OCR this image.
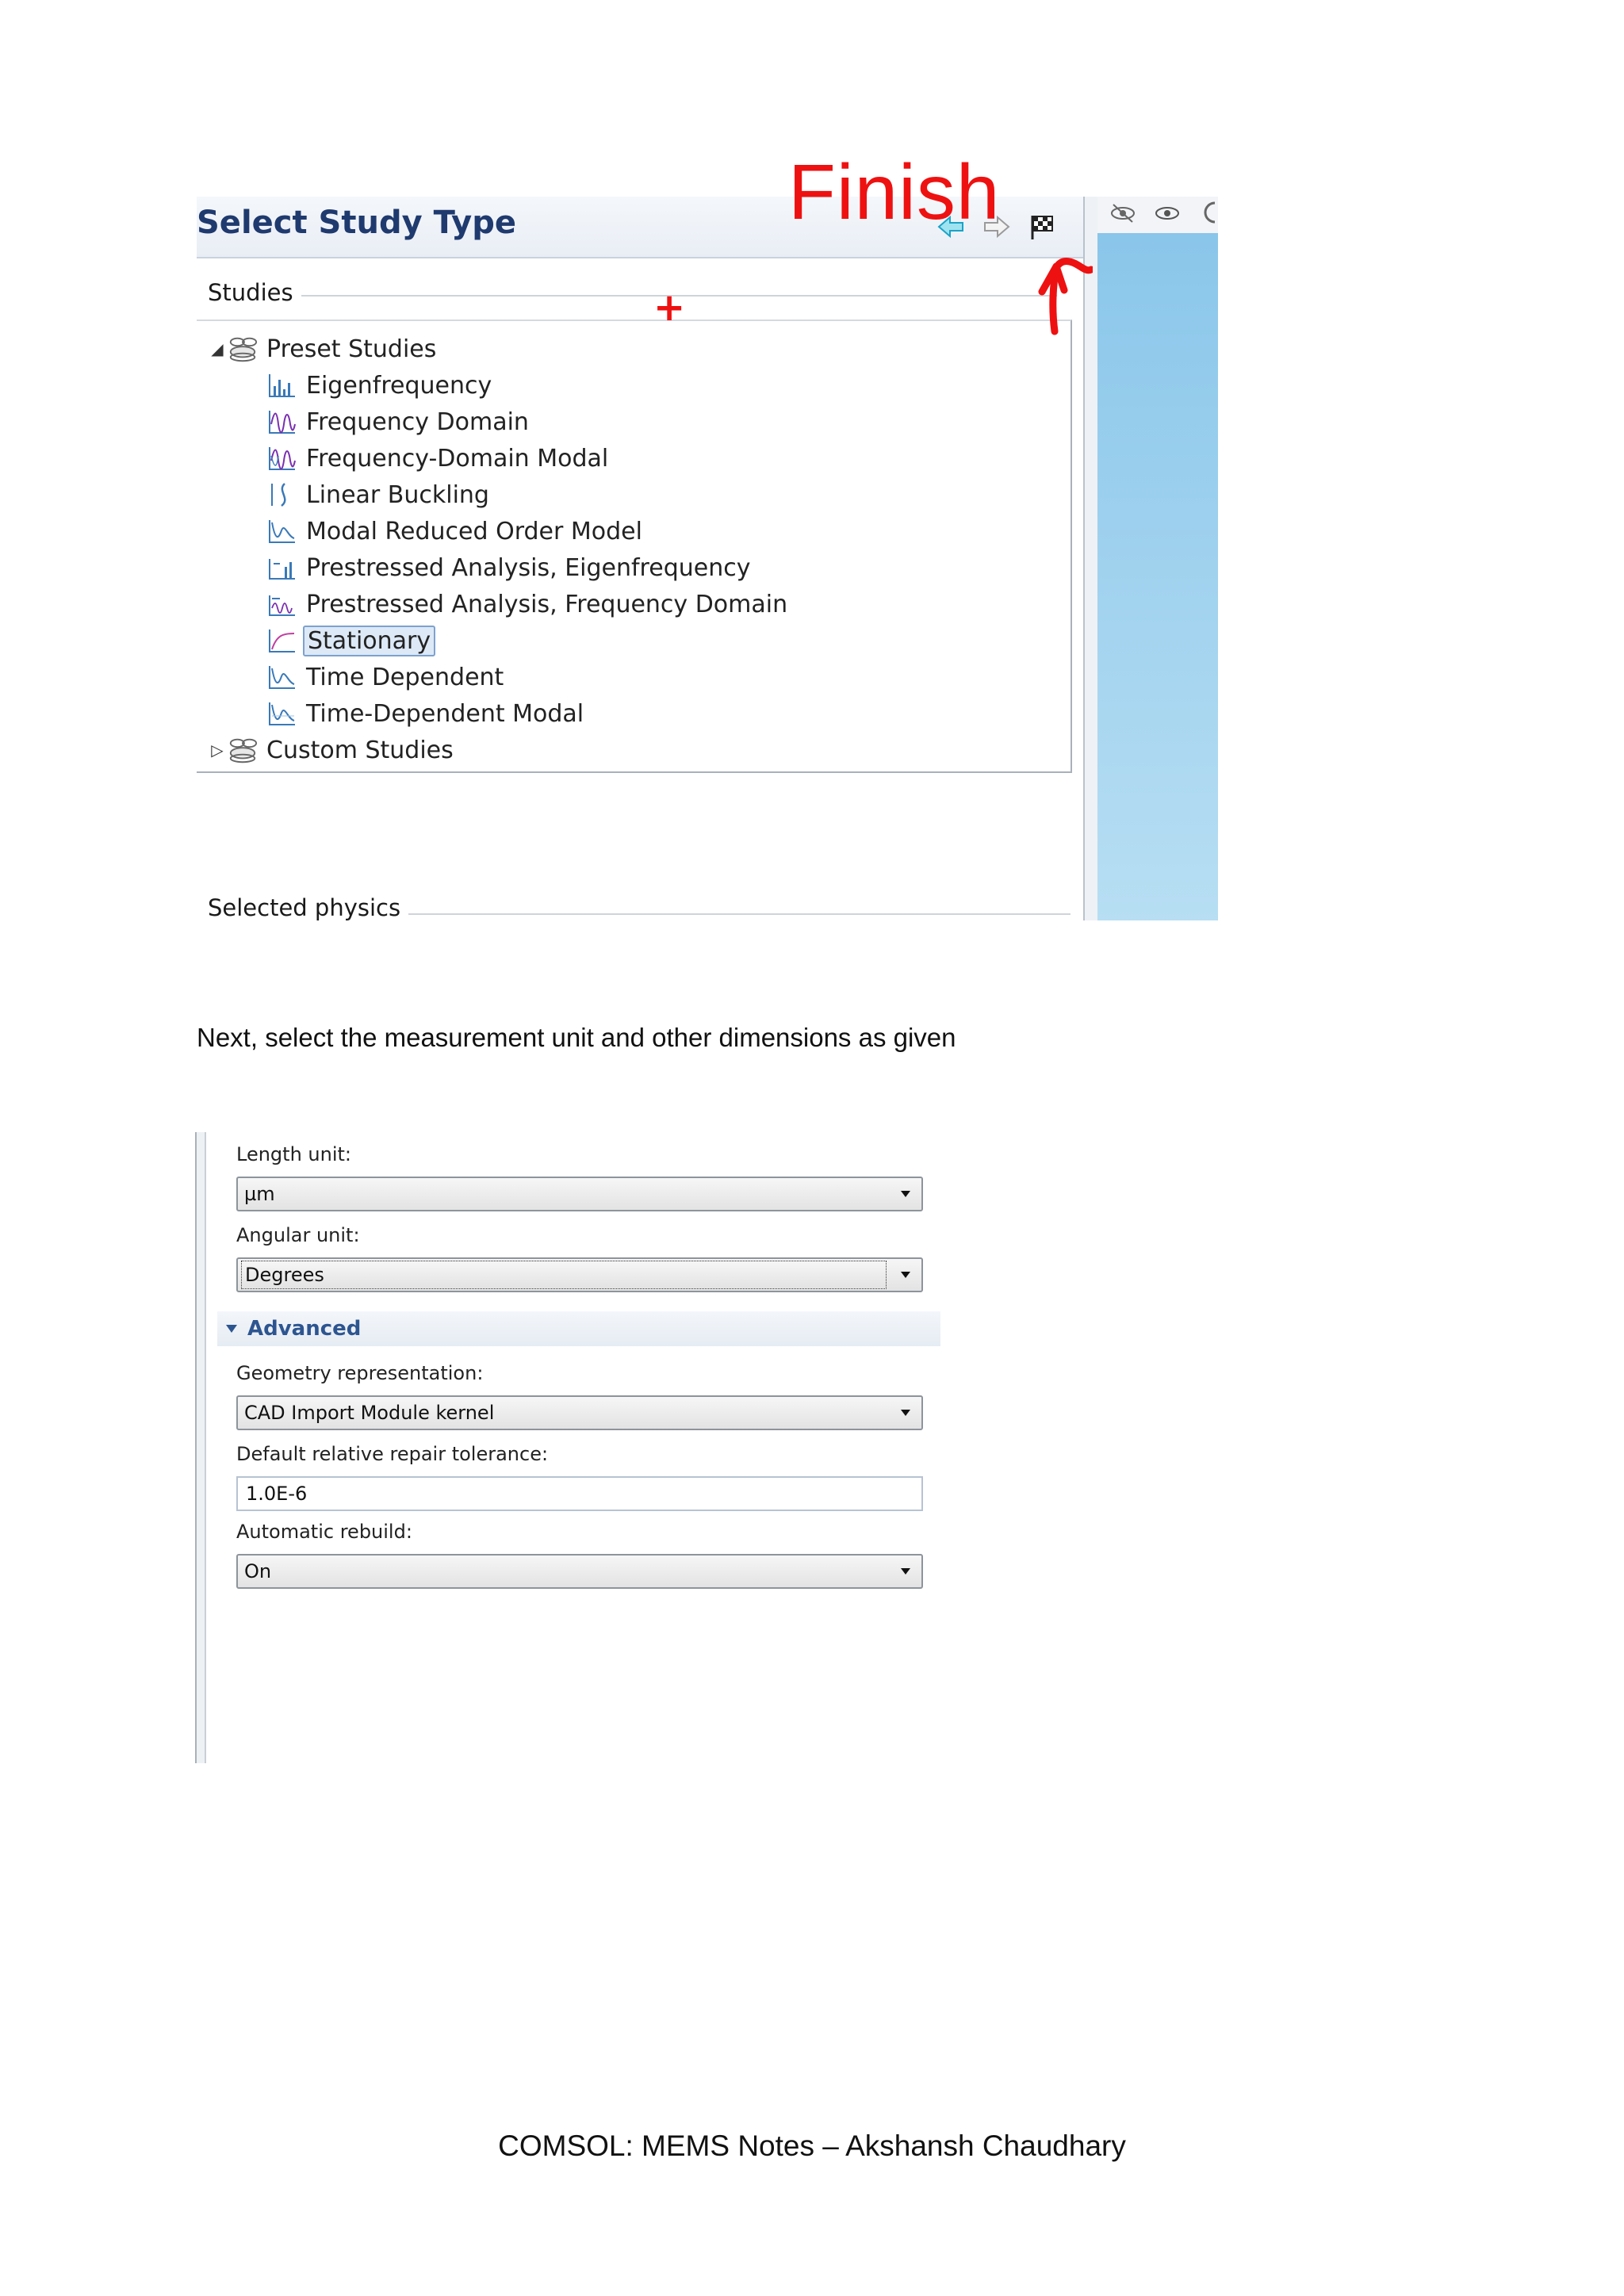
Select Study Type
Studies
◢ Preset Studies
Eigenfrequency
Frequency Domain
Frequency-Domain Modal
Linear Buckling
Modal Reduced Order Model
Prestressed Analysis, Eigenfrequency
Prestressed Analysis, Frequency Domain
Stationary
Time Dependent
Time-Dependent Modal
▷ Custom Studies
Selected physics
Finish
+
Next, select the measurement unit and other dimensions as given
Length unit:
µm
Angular unit:
Degrees
Advanced
Geometry representation:
CAD Import Module kernel
Default relative repair tolerance:
1.0E-6
Automatic rebuild:
On
COMSOL: MEMS Notes – Akshansh Chaudhary
